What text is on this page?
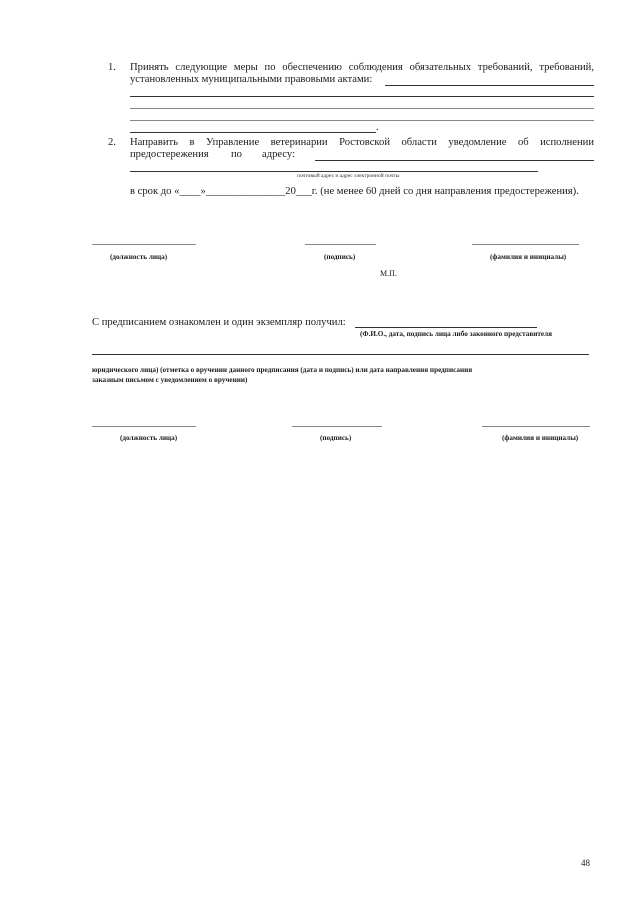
1. Принять следующие меры по обеспечению соблюдения обязательных требований, требований,
установленных муниципальными правовыми актами:
.
2. Направить в Управление ветеринарии Ростовской области уведомление об исполнении
предостережения по адресу:
почтовый адрес и адрес электронной почты
в срок до «____»_______________20___г. (не менее 60 дней со дня направления предостережения).
(должность лица)	(подпись)	(фамилия и инициалы)
М.П.
С предписанием ознакомлен и один экземпляр получил:
(Ф.И.О., дата, подпись лица либо законного представителя
юридического лица) (отметка о вручении данного предписания (дата и подпись) или дата направления предписания
заказным письмом с уведомлением о вручении)
(должность лица)	(подпись)	(фамилия и инициалы)
48
